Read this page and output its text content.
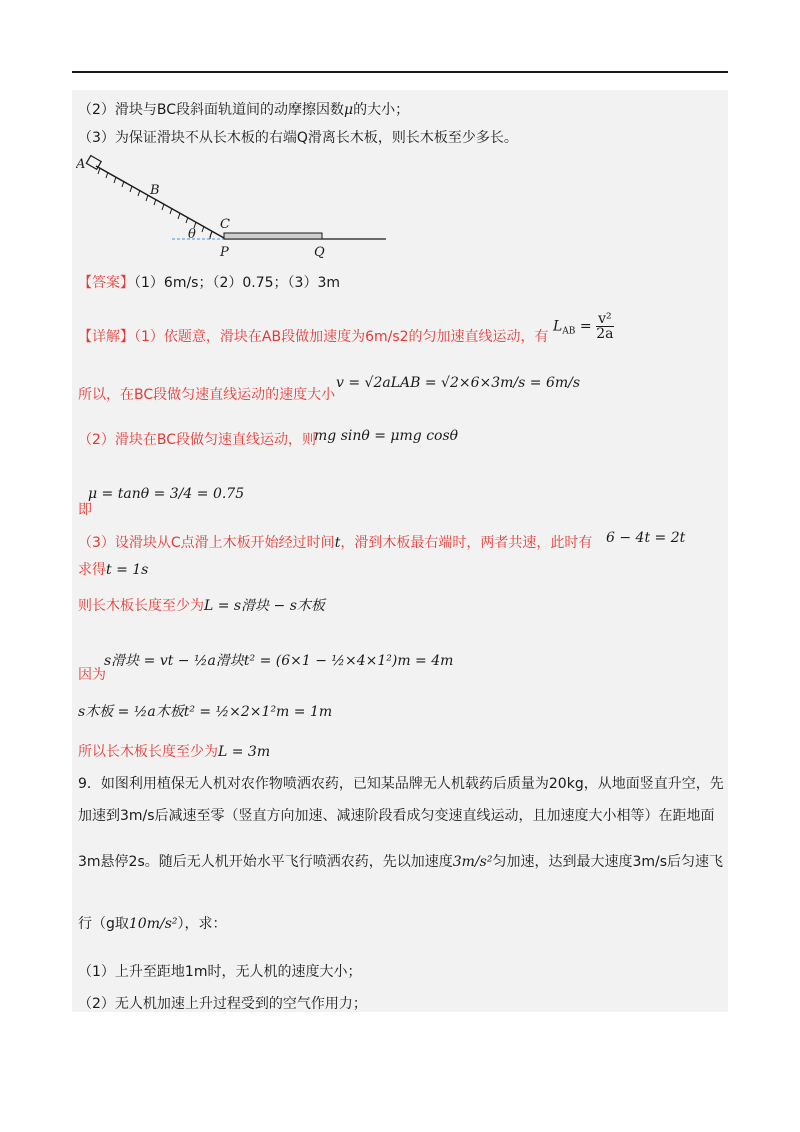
（2）滑块与BC段斜面轨道间的动摩擦因数μ的大小；
（3）为保证滑块不从长木板的右端Q滑离长木板，则长木板至少多长。
A
B
C
θ
P	Q
【答案】（1）6m/s；（2）0.75；（3）3m
【详解】（1）依题意，滑块在AB段做加速度为6m/s2的匀加速直线运动，有
$L_{AB} = \frac{\text{v²}}{2a}$
所以，在BC段做匀速直线运动的速度大小
v = √2aLAB = √2×6×3m/s = 6m/s
（2）滑块在BC段做匀速直线运动，则
mg sinθ = μmg cosθ
μ = tanθ = 3/4 = 0.75
即
（3）设滑块从C点滑上木板开始经过时间t，滑到木板最右端时，两者共速，此时有 6 − 4t = 2t
求得t = 1s
则长木板长度至少为L = s滑块 − s木板
s滑块 = vt − ½a滑块t² = (6×1 − ½×4×1²)m = 4m
因为
s木板 = ½a木板t² = ½×2×1²m = 1m
所以长木板长度至少为L = 3m
9．如图利用植保无人机对农作物喷洒农药，已知某品牌无人机载药后质量为20kg，从地面竖直升空，先
加速到3m/s后减速至零（竖直方向加速、减速阶段看成匀变速直线运动，且加速度大小相等）在距地面
3m悬停2s。随后无人机开始水平飞行喷洒农药，先以加速度3m/s²匀加速，达到最大速度3m/s后匀速飞
行（g取10m/s²），求：
（1）上升至距地1m时，无人机的速度大小；
（2）无人机加速上升过程受到的空气作用力；
